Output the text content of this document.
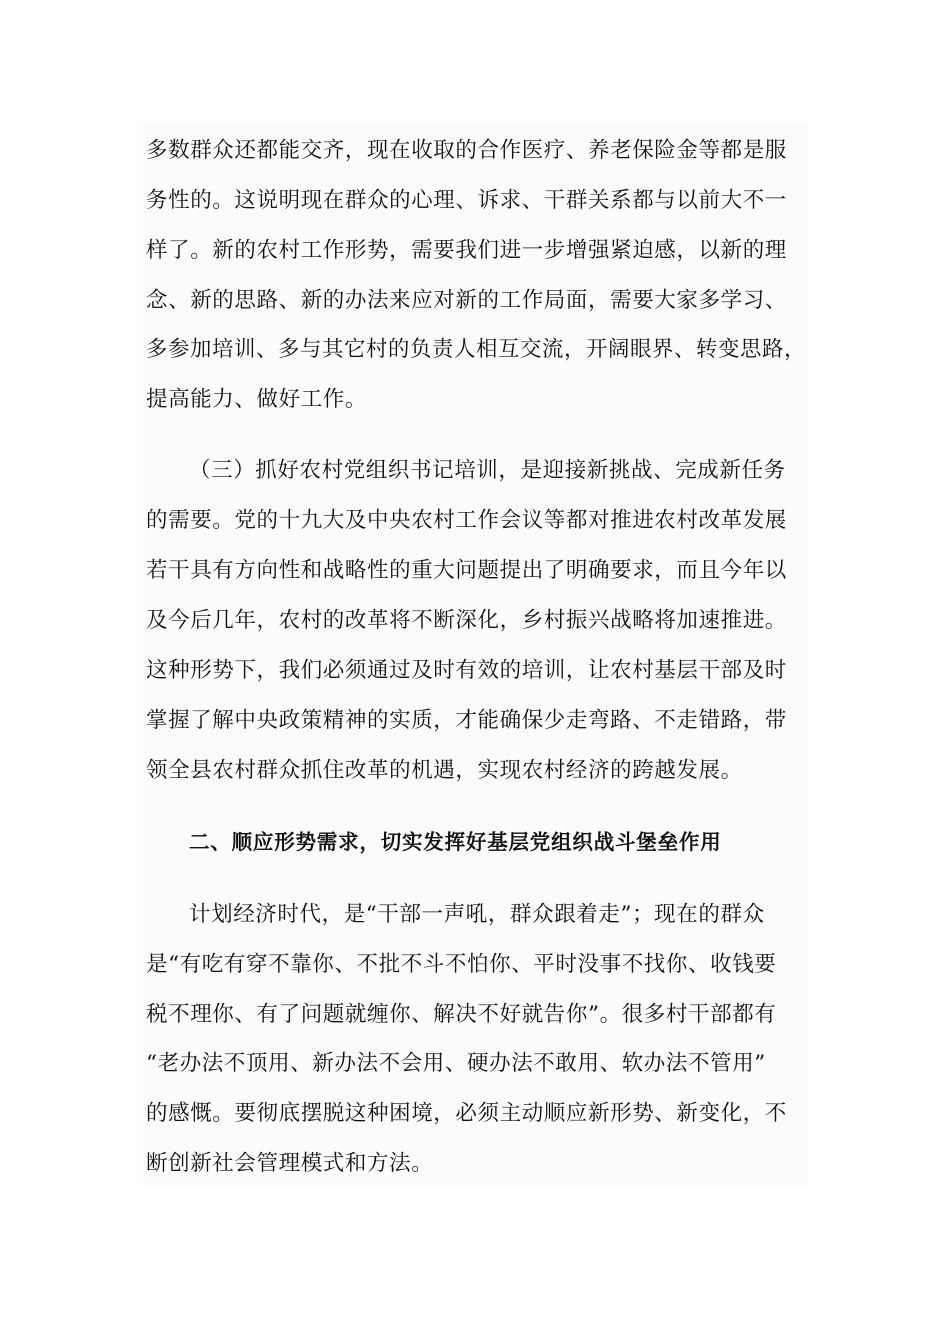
多数群众还都能交齐，现在收取的合作医疗、养老保险金等都是服
务性的。这说明现在群众的心理、诉求、干群关系都与以前大不一
样了。新的农村工作形势，需要我们进一步增强紧迫感，以新的理
念、新的思路、新的办法来应对新的工作局面，需要大家多学习、
多参加培训、多与其它村的负责人相互交流，开阔眼界、转变思路，
提高能力、做好工作。
（三）抓好农村党组织书记培训，是迎接新挑战、完成新任务
的需要。党的十九大及中央农村工作会议等都对推进农村改革发展
若干具有方向性和战略性的重大问题提出了明确要求，而且今年以
及今后几年，农村的改革将不断深化，乡村振兴战略将加速推进。
这种形势下，我们必须通过及时有效的培训，让农村基层干部及时
掌握了解中央政策精神的实质，才能确保少走弯路、不走错路，带
领全县农村群众抓住改革的机遇，实现农村经济的跨越发展。
二、顺应形势需求，切实发挥好基层党组织战斗堡垒作用
计划经济时代，是“干部一声吼，群众跟着走”；现在的群众
是“有吃有穿不靠你、不批不斗不怕你、平时没事不找你、收钱要
税不理你、有了问题就缠你、解决不好就告你”。很多村干部都有
“老办法不顶用、新办法不会用、硬办法不敢用、软办法不管用”
的感慨。要彻底摆脱这种困境，必须主动顺应新形势、新变化，不
断创新社会管理模式和方法。
